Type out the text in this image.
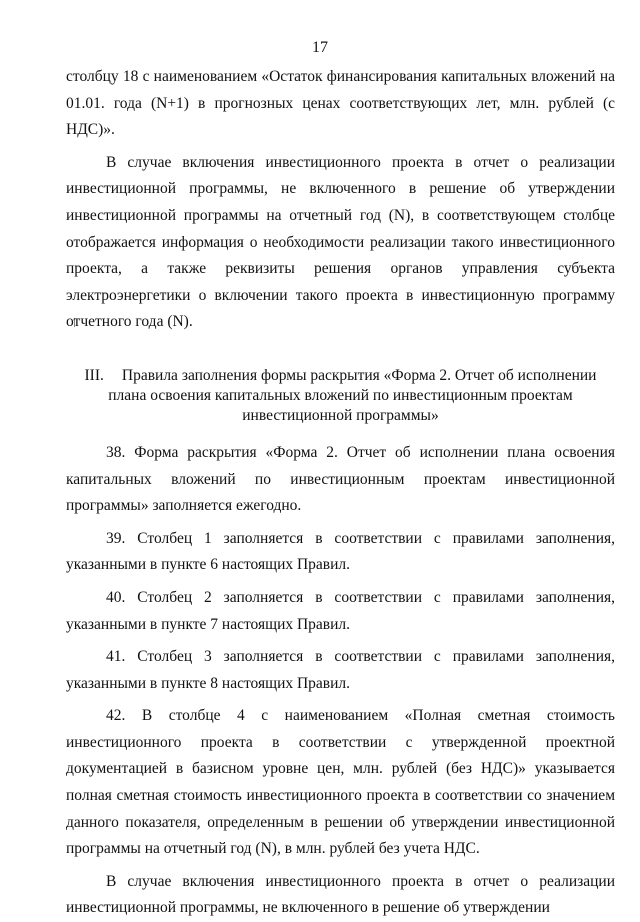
17

столбцу 18 с наименованием «Остаток финансирования капитальных вложений на 01.01. года (N+1) в прогнозных ценах соответствующих лет, млн. рублей (с НДС)».

В случае включения инвестиционного проекта в отчет о реализации инвестиционной программы, не включенного в решение об утверждении инвестиционной программы на отчетный год (N), в соответствующем столбце отображается информация о необходимости реализации такого инвестиционного проекта, а также реквизиты решения органов управления субъекта электроэнергетики о включении такого проекта в инвестиционную программу отчетного года (N).

III. Правила заполнения формы раскрытия «Форма 2. Отчет об исполнении плана освоения капитальных вложений по инвестиционным проектам инвестиционной программы»

38. Форма раскрытия «Форма 2. Отчет об исполнении плана освоения капитальных вложений по инвестиционным проектам инвестиционной программы» заполняется ежегодно.

39. Столбец 1 заполняется в соответствии с правилами заполнения, указанными в пункте 6 настоящих Правил.

40. Столбец 2 заполняется в соответствии с правилами заполнения, указанными в пункте 7 настоящих Правил.

41. Столбец 3 заполняется в соответствии с правилами заполнения, указанными в пункте 8 настоящих Правил.

42. В столбце 4 с наименованием «Полная сметная стоимость инвестиционного проекта в соответствии с утвержденной проектной документацией в базисном уровне цен, млн. рублей (без НДС)» указывается полная сметная стоимость инвестиционного проекта в соответствии со значением данного показателя, определенным в решении об утверждении инвестиционной программы на отчетный год (N), в млн. рублей без учета НДС.

В случае включения инвестиционного проекта в отчет о реализации инвестиционной программы, не включенного в решение об утверждении
